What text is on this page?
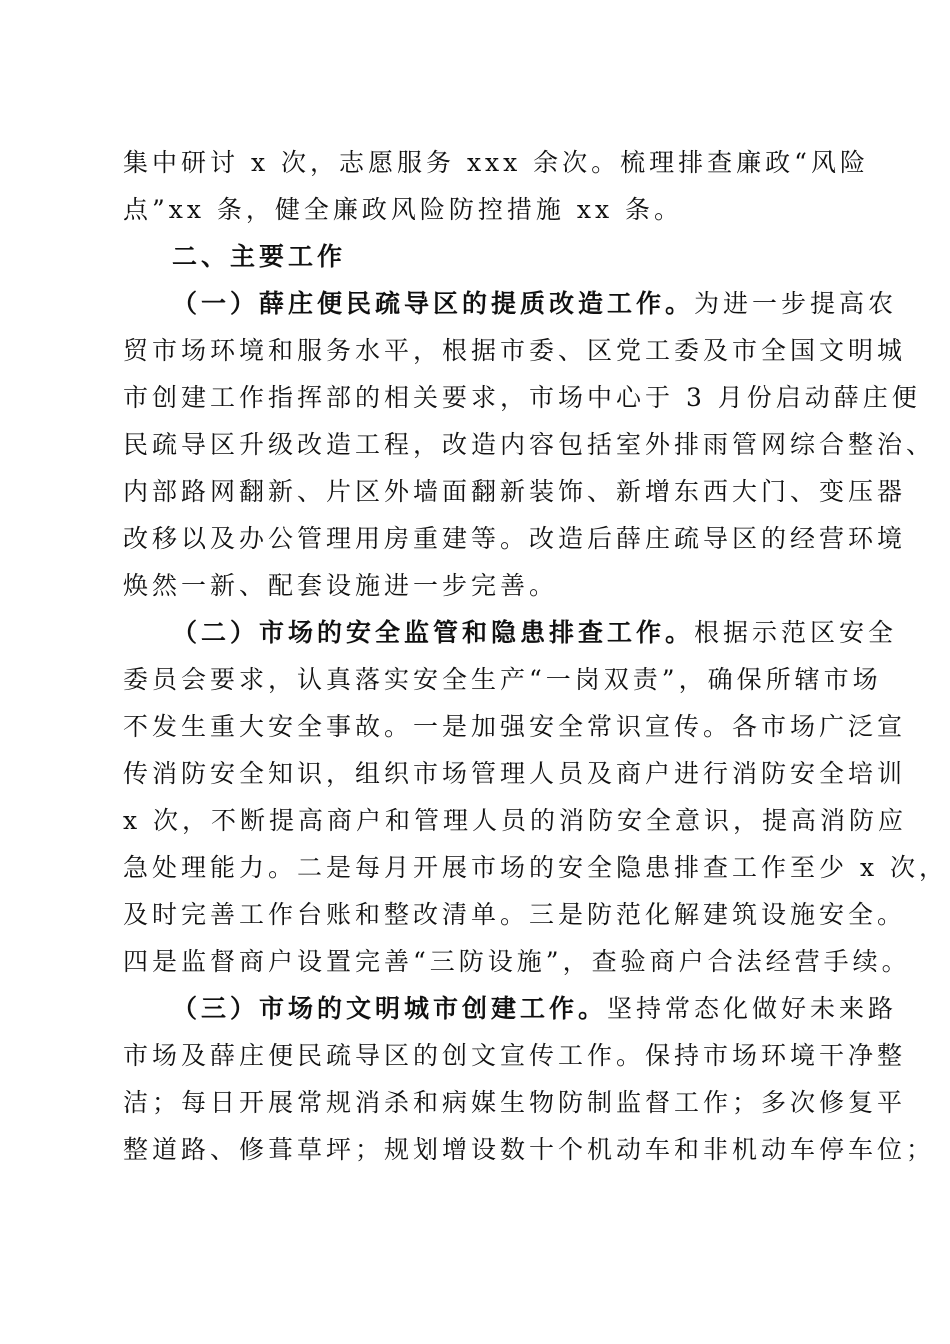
集中研讨 x 次，志愿服务 xxx 余次。梳理排查廉政“风险
点”xx 条，健全廉政风险防控措施 xx 条。
二、主要工作
（一）薛庄便民疏导区的提质改造工作。为进一步提高农
贸市场环境和服务水平，根据市委、区党工委及市全国文明城
市创建工作指挥部的相关要求，市场中心于 3 月份启动薛庄便
民疏导区升级改造工程，改造内容包括室外排雨管网综合整治、
内部路网翻新、片区外墙面翻新装饰、新增东西大门、变压器
改移以及办公管理用房重建等。改造后薛庄疏导区的经营环境
焕然一新、配套设施进一步完善。
（二）市场的安全监管和隐患排查工作。根据示范区安全
委员会要求，认真落实安全生产“一岗双责”，确保所辖市场
不发生重大安全事故。一是加强安全常识宣传。各市场广泛宣
传消防安全知识，组织市场管理人员及商户进行消防安全培训
x 次，不断提高商户和管理人员的消防安全意识，提高消防应
急处理能力。二是每月开展市场的安全隐患排查工作至少 x 次，
及时完善工作台账和整改清单。三是防范化解建筑设施安全。
四是监督商户设置完善“三防设施”，查验商户合法经营手续。
（三）市场的文明城市创建工作。坚持常态化做好未来路
市场及薛庄便民疏导区的创文宣传工作。保持市场环境干净整
洁；每日开展常规消杀和病媒生物防制监督工作；多次修复平
整道路、修葺草坪；规划增设数十个机动车和非机动车停车位；
